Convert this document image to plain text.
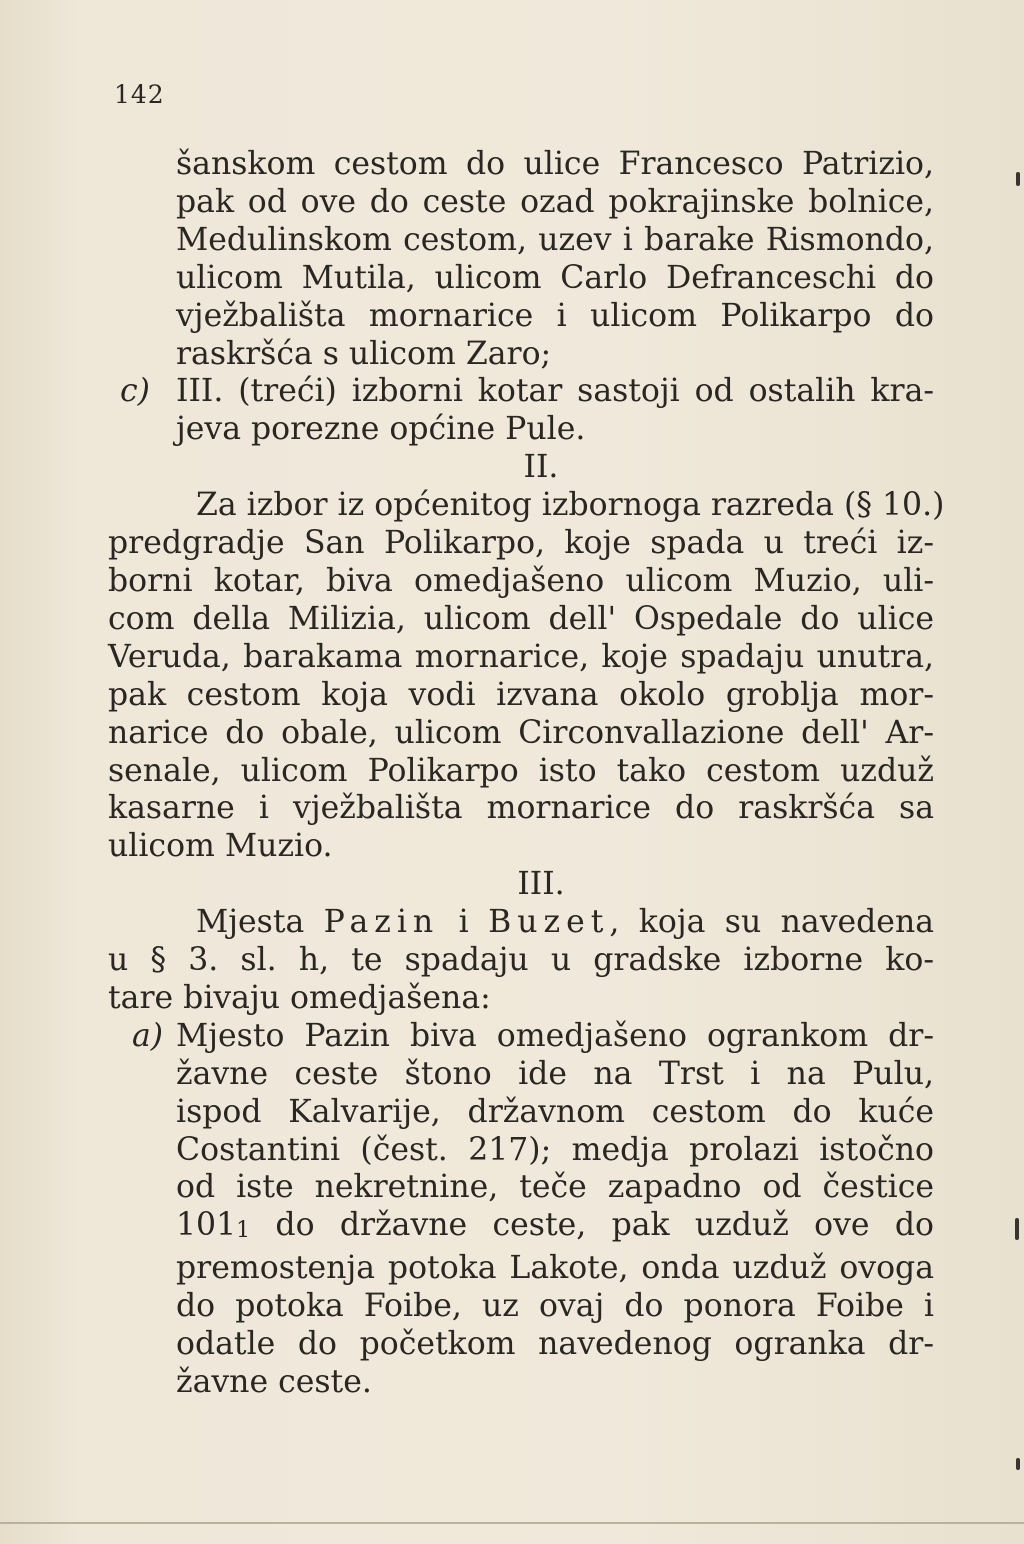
142
šanskom cestom do ulice Francesco Patrizio,
pak od ove do ceste ozad pokrajinske bolnice,
Medulinskom cestom, uzev i barake Rismondo,
ulicom Mutila, ulicom Carlo Defranceschi do
vježbališta mornarice i ulicom Polikarpo do
raskršća s ulicom Zaro;
c) III. (treći) izborni kotar sastoji od ostalih kra-
jeva porezne općine Pule.
II.
Za izbor iz općenitog izbornoga razreda (§ 10.)
predgradje San Polikarpo, koje spada u treći iz-
borni kotar, biva omedjašeno ulicom Muzio, uli-
com della Milizia, ulicom dell' Ospedale do ulice
Veruda, barakama mornarice, koje spadaju unutra,
pak cestom koja vodi izvana okolo groblja mor-
narice do obale, ulicom Circonvallazione dell' Ar-
senale, ulicom Polikarpo isto tako cestom uzduž
kasarne i vježbališta mornarice do raskršća sa
ulicom Muzio.
III.
Mjesta Pazin i Buzet, koja su navedena
u § 3. sl. h, te spadaju u gradske izborne ko-
tare bivaju omedjašena:
a) Mjesto Pazin biva omedjašeno ogrankom dr-
žavne ceste štono ide na Trst i na Pulu,
ispod Kalvarije, državnom cestom do kuće
Costantini (čest. 217); medja prolazi istočno
od iste nekretnine, teče zapadno od čestice
1011 do državne ceste, pak uzduž ove do
premostenja potoka Lakote, onda uzduž ovoga
do potoka Foibe, uz ovaj do ponora Foibe i
odatle do početkom navedenog ogranka dr-
žavne ceste.
